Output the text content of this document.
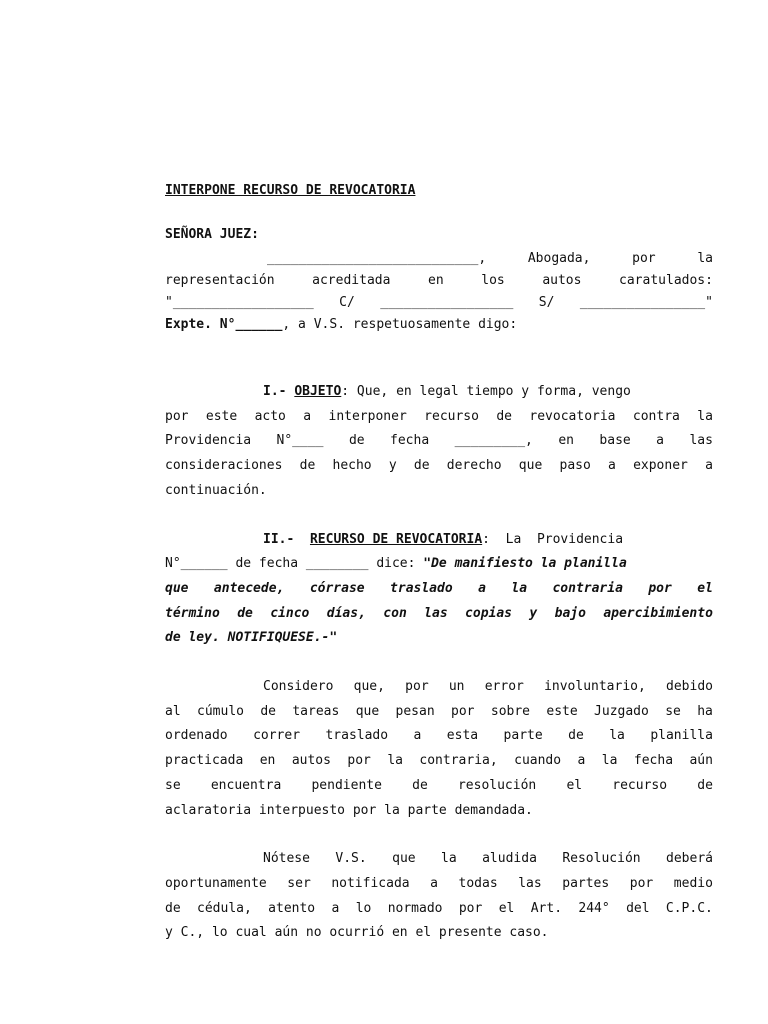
INTERPONE RECURSO DE REVOCATORIA

SEÑORA JUEZ:

___________________________,	Abogada,	por	la
representación	acreditada	en	los	autos	caratulados:
"__________________ C/ _________________ S/ ________________"
Expte. N°______, a V.S. respetuosamente digo:
I.- OBJETO: Que, en legal tiempo y forma, vengo
por este acto a interponer recurso de revocatoria contra la
Providencia N°____ de fecha _________, en base a las
consideraciones de hecho y de derecho que paso a exponer a
continuación.
II.- RECURSO DE REVOCATORIA:  La  Providencia
N°______ de fecha ________ dice: "De manifiesto la planilla
que antecede, córrase traslado a la contraria por el
término de cinco días, con las copias y bajo apercibimiento
de ley. NOTIFIQUESE.-"
Considero que, por un error involuntario, debido
al cúmulo de tareas que pesan por sobre este Juzgado se ha
ordenado correr traslado a esta parte de la planilla
practicada en autos por la contraria, cuando a la fecha aún
se encuentra pendiente de resolución el recurso de
aclaratoria interpuesto por la parte demandada.
Nótese V.S. que la aludida Resolución deberá
oportunamente ser notificada a todas las partes por medio
de cédula, atento a lo normado por el Art. 244° del C.P.C.
y C., lo cual aún no ocurrió en el presente caso.
